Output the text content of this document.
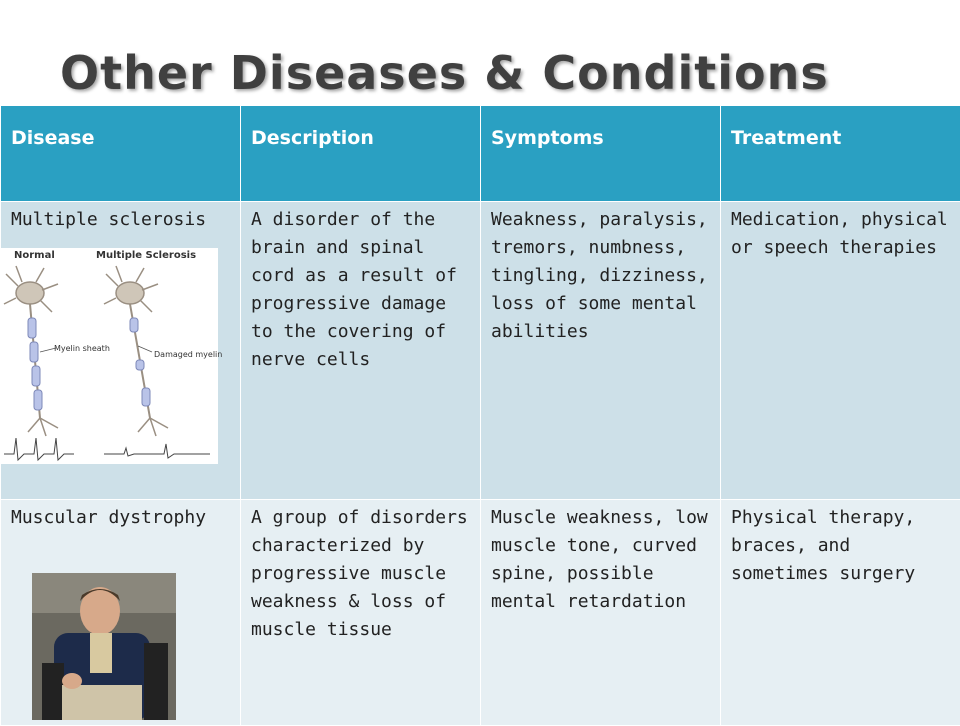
Other Diseases & Conditions
Disease	Description	Symptoms	Treatment
Multiple sclerosis	A disorder of the brain and spinal cord as a result of progressive damage to the covering of nerve cells	Weakness, paralysis, tremors, numbness, tingling, dizziness, loss of some mental abilities	Medication, physical or speech therapies
Muscular dystrophy	A group of disorders characterized by progressive muscle weakness & loss of muscle tissue	Muscle weakness, low muscle tone, curved spine, possible mental retardation	Physical therapy, braces, and sometimes surgery
Normal	Multiple Sclerosis
Myelin sheath
Damaged myelin
